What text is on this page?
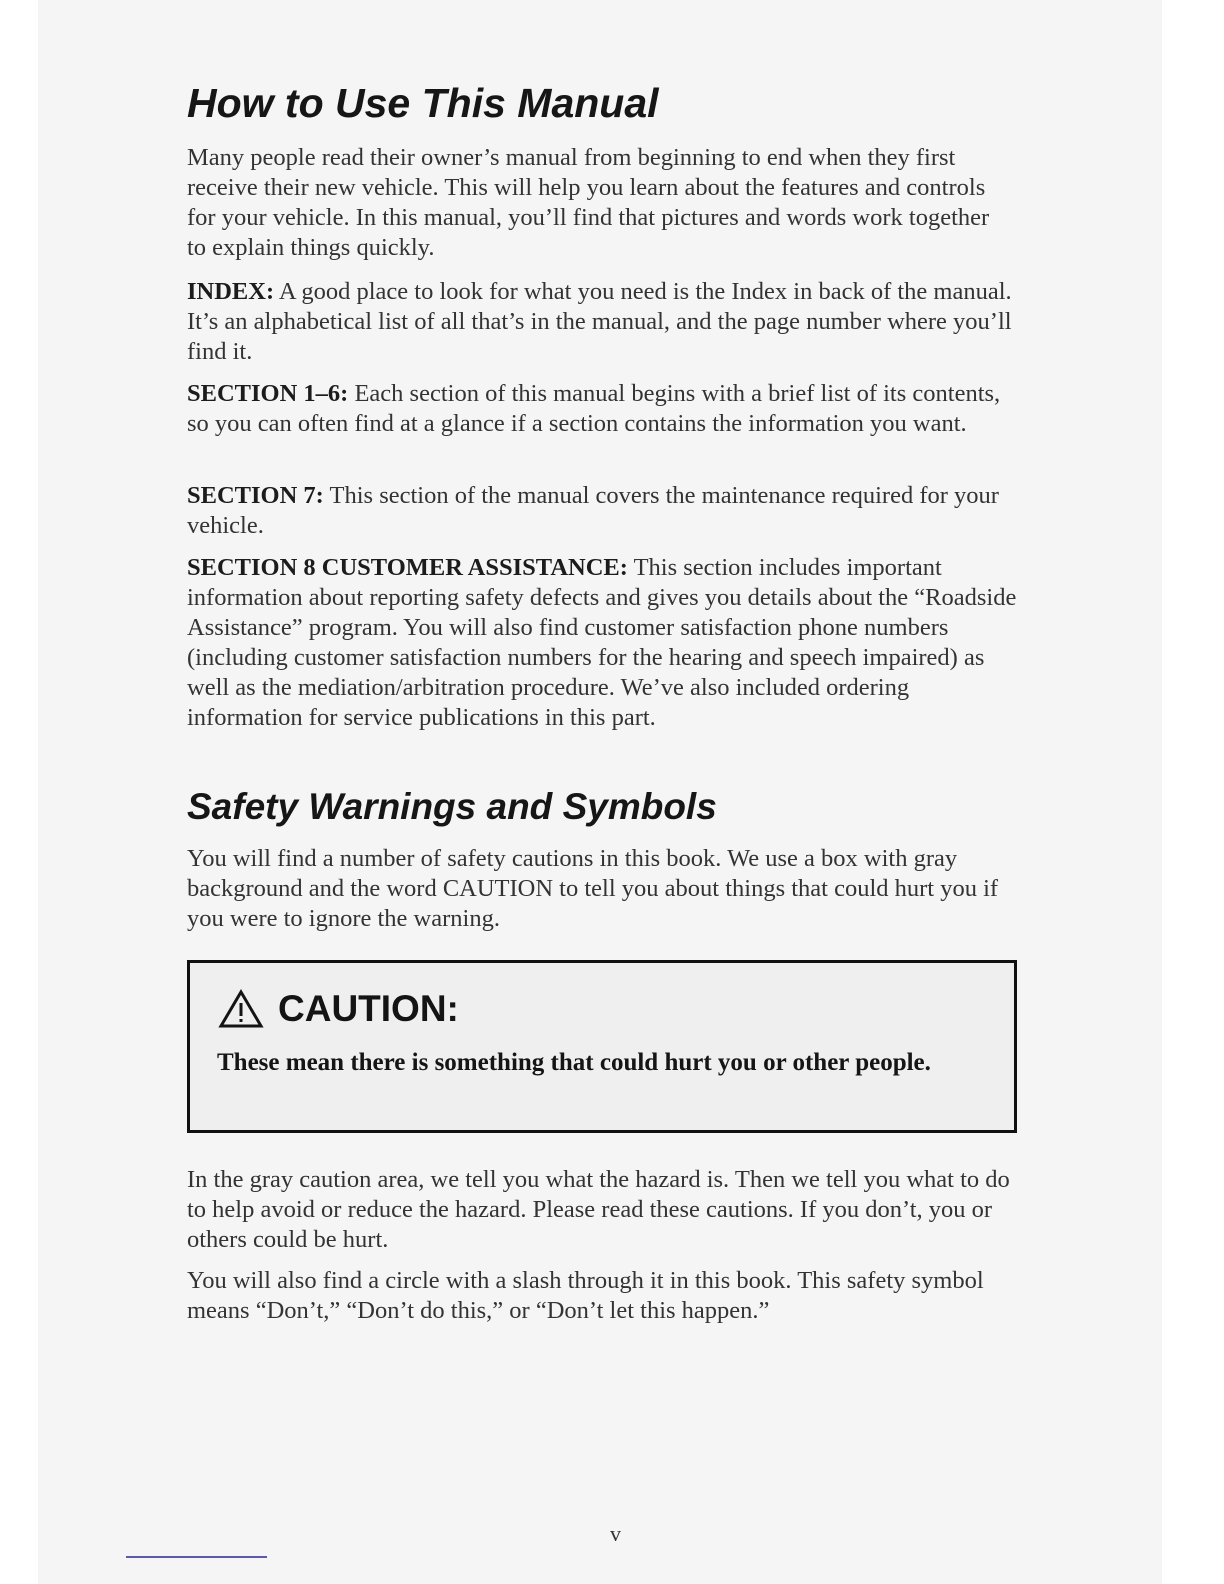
How to Use This Manual

Many people read their owner’s manual from beginning to end when they first receive their new vehicle. This will help you learn about the features and controls for your vehicle. In this manual, you’ll find that pictures and words work together to explain things quickly.

INDEX: A good place to look for what you need is the Index in back of the manual. It’s an alphabetical list of all that’s in the manual, and the page number where you’ll find it.

SECTION 1–6: Each section of this manual begins with a brief list of its contents, so you can often find at a glance if a section contains the information you want.

SECTION 7: This section of the manual covers the maintenance required for your vehicle.

SECTION 8 CUSTOMER ASSISTANCE: This section includes important information about reporting safety defects and gives you details about the “Roadside Assistance” program. You will also find customer satisfaction phone numbers (including customer satisfaction numbers for the hearing and speech impaired) as well as the mediation/arbitration procedure. We’ve also included ordering information for service publications in this part.

Safety Warnings and Symbols

You will find a number of safety cautions in this book. We use a box with gray background and the word CAUTION to tell you about things that could hurt you if you were to ignore the warning.

CAUTION:

These mean there is something that could hurt you or other people.

In the gray caution area, we tell you what the hazard is. Then we tell you what to do to help avoid or reduce the hazard. Please read these cautions. If you don’t, you or others could be hurt.

You will also find a circle with a slash through it in this book. This safety symbol means “Don’t,” “Don’t do this,” or “Don’t let this happen.”

v
